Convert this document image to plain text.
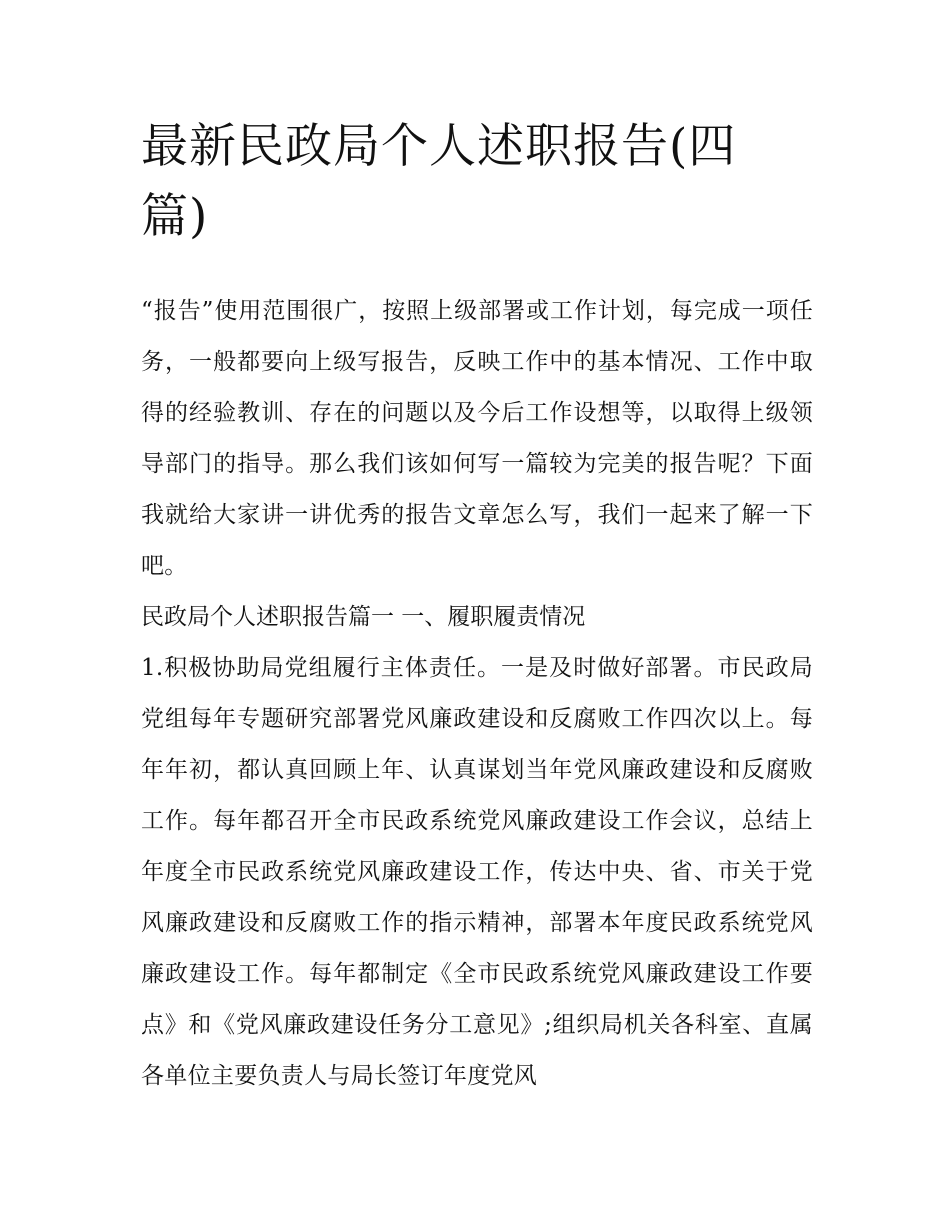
最新民政局个人述职报告(四篇)

“报告”使用范围很广，按照上级部署或工作计划，每完成一项任务，一般都要向上级写报告，反映工作中的基本情况、工作中取得的经验教训、存在的问题以及今后工作设想等，以取得上级领导部门的指导。那么我们该如何写一篇较为完美的报告呢？下面我就给大家讲一讲优秀的报告文章怎么写，我们一起来了解一下吧。

民政局个人述职报告篇一 一、履职履责情况

1.积极协助局党组履行主体责任。一是及时做好部署。市民政局党组每年专题研究部署党风廉政建设和反腐败工作四次以上。每年年初，都认真回顾上年、认真谋划当年党风廉政建设和反腐败工作。每年都召开全市民政系统党风廉政建设工作会议，总结上年度全市民政系统党风廉政建设工作，传达中央、省、市关于党风廉政建设和反腐败工作的指示精神，部署本年度民政系统党风廉政建设工作。每年都制定《全市民政系统党风廉政建设工作要点》和《党风廉政建设任务分工意见》;组织局机关各科室、直属各单位主要负责人与局长签订年度党风
